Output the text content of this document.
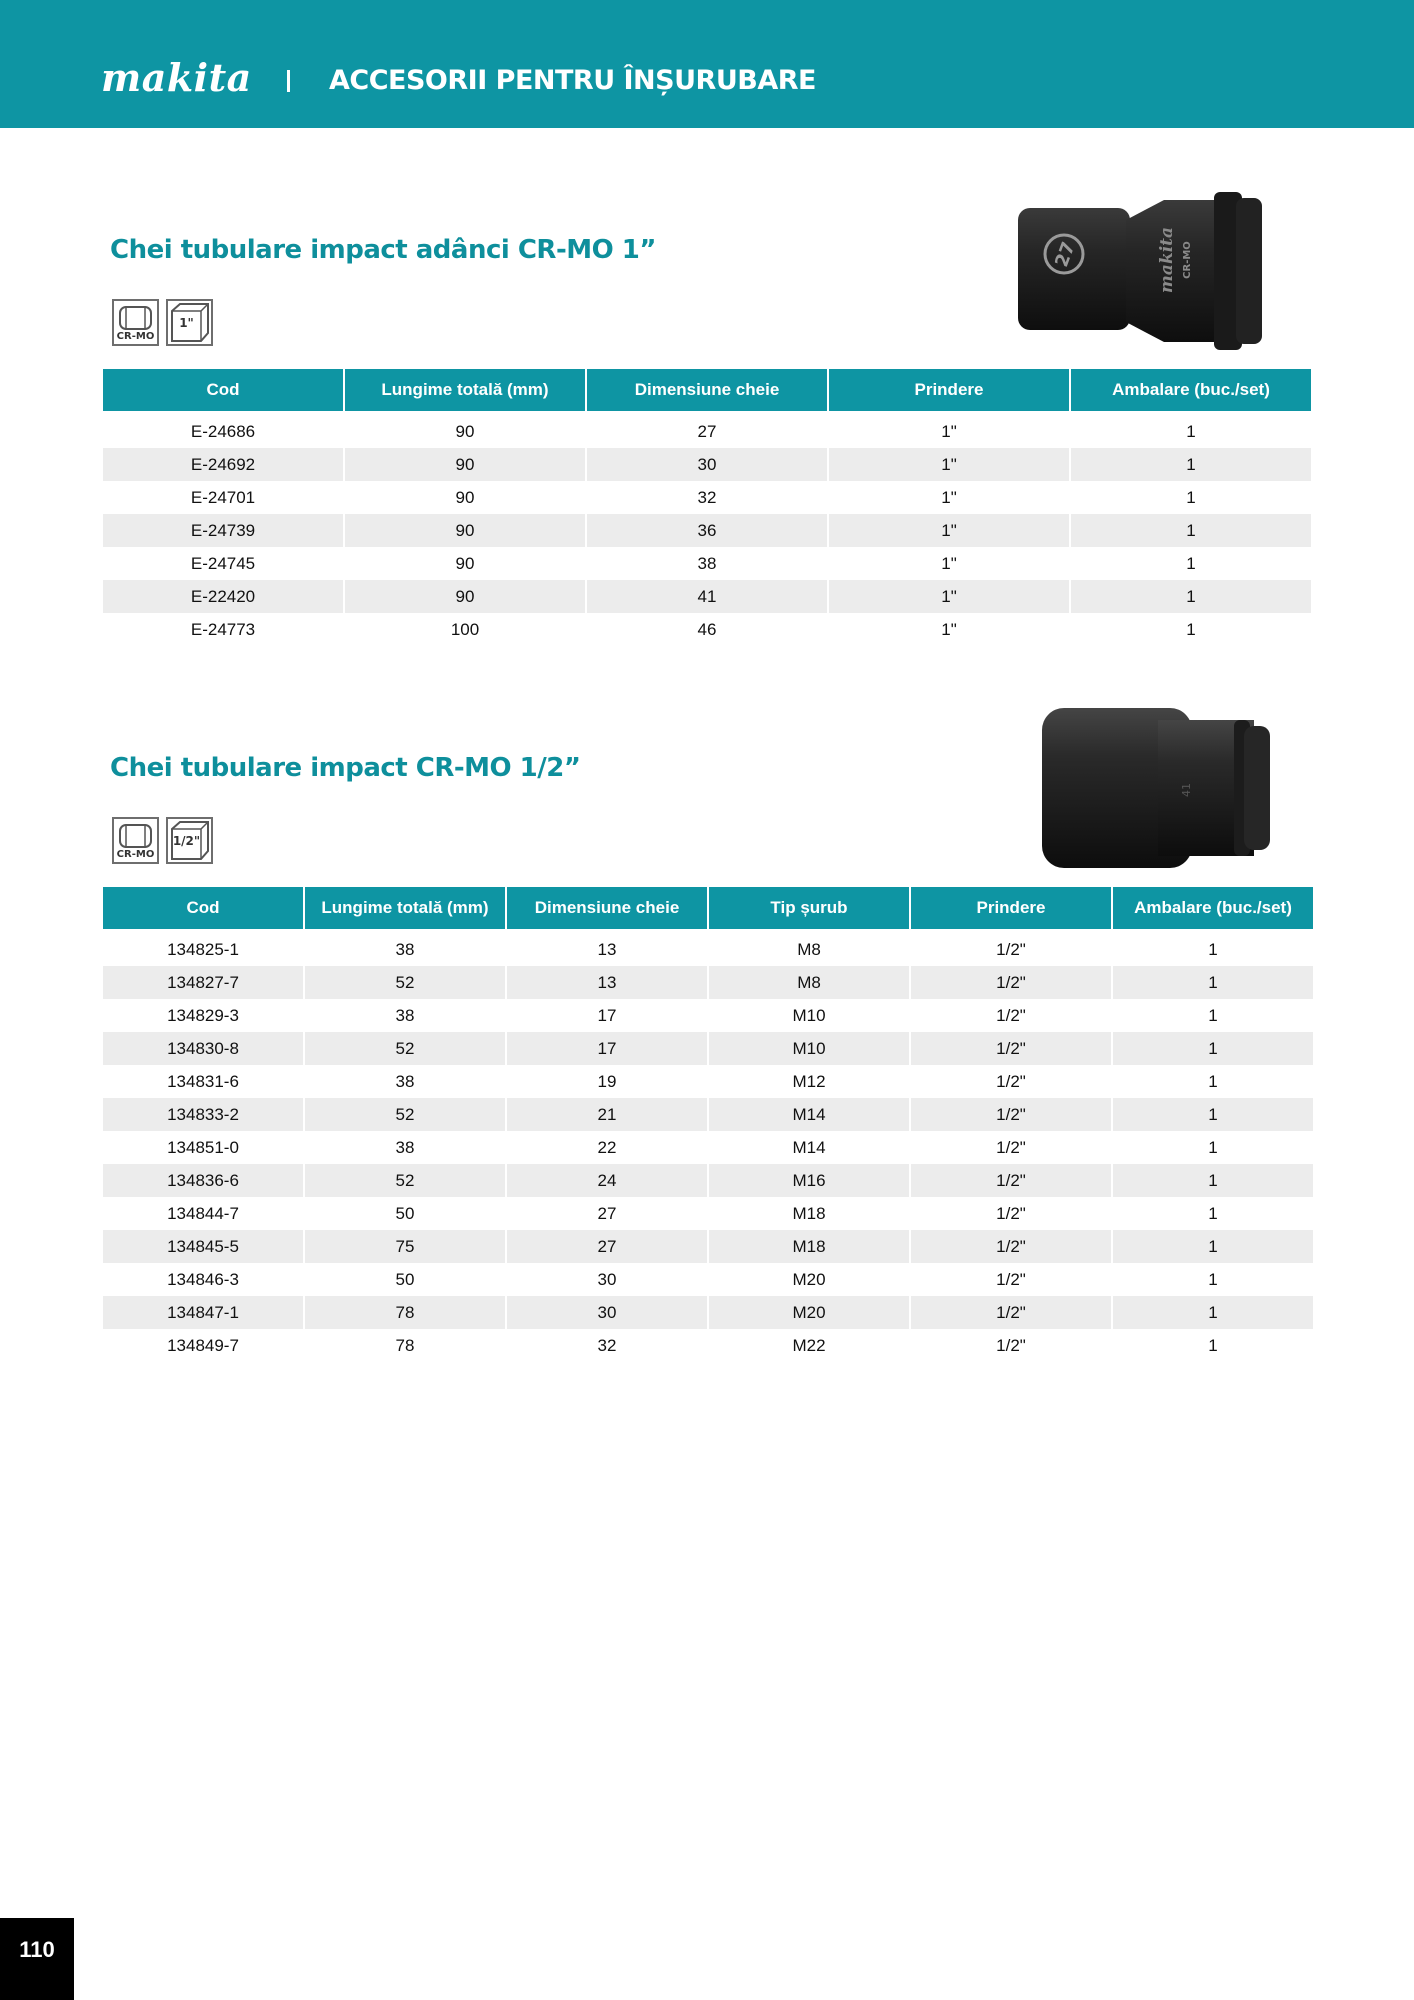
makita	ACCESORII PENTRU ÎNȘURUBARE
Chei tubulare impact adânci CR-MO 1”
CR-MO
1"
27	makita CR-MO
Cod	Lungime totală (mm)	Dimensiune cheie	Prindere	Ambalare (buc./set)
E-24686	90	27	1"	1
E-24692	90	30	1"	1
E-24701	90	32	1"	1
E-24739	90	36	1"	1
E-24745	90	38	1"	1
E-22420	90	41	1"	1
E-24773	100	46	1"	1
Chei tubulare impact CR-MO 1/2”
CR-MO
1/2"
41
Cod	Lungime totală (mm)	Dimensiune cheie	Tip șurub	Prindere	Ambalare (buc./set)
134825-1	38	13	M8	1/2"	1
134827-7	52	13	M8	1/2"	1
134829-3	38	17	M10	1/2"	1
134830-8	52	17	M10	1/2"	1
134831-6	38	19	M12	1/2"	1
134833-2	52	21	M14	1/2"	1
134851-0	38	22	M14	1/2"	1
134836-6	52	24	M16	1/2"	1
134844-7	50	27	M18	1/2"	1
134845-5	75	27	M18	1/2"	1
134846-3	50	30	M20	1/2"	1
134847-1	78	30	M20	1/2"	1
134849-7	78	32	M22	1/2"	1
110
